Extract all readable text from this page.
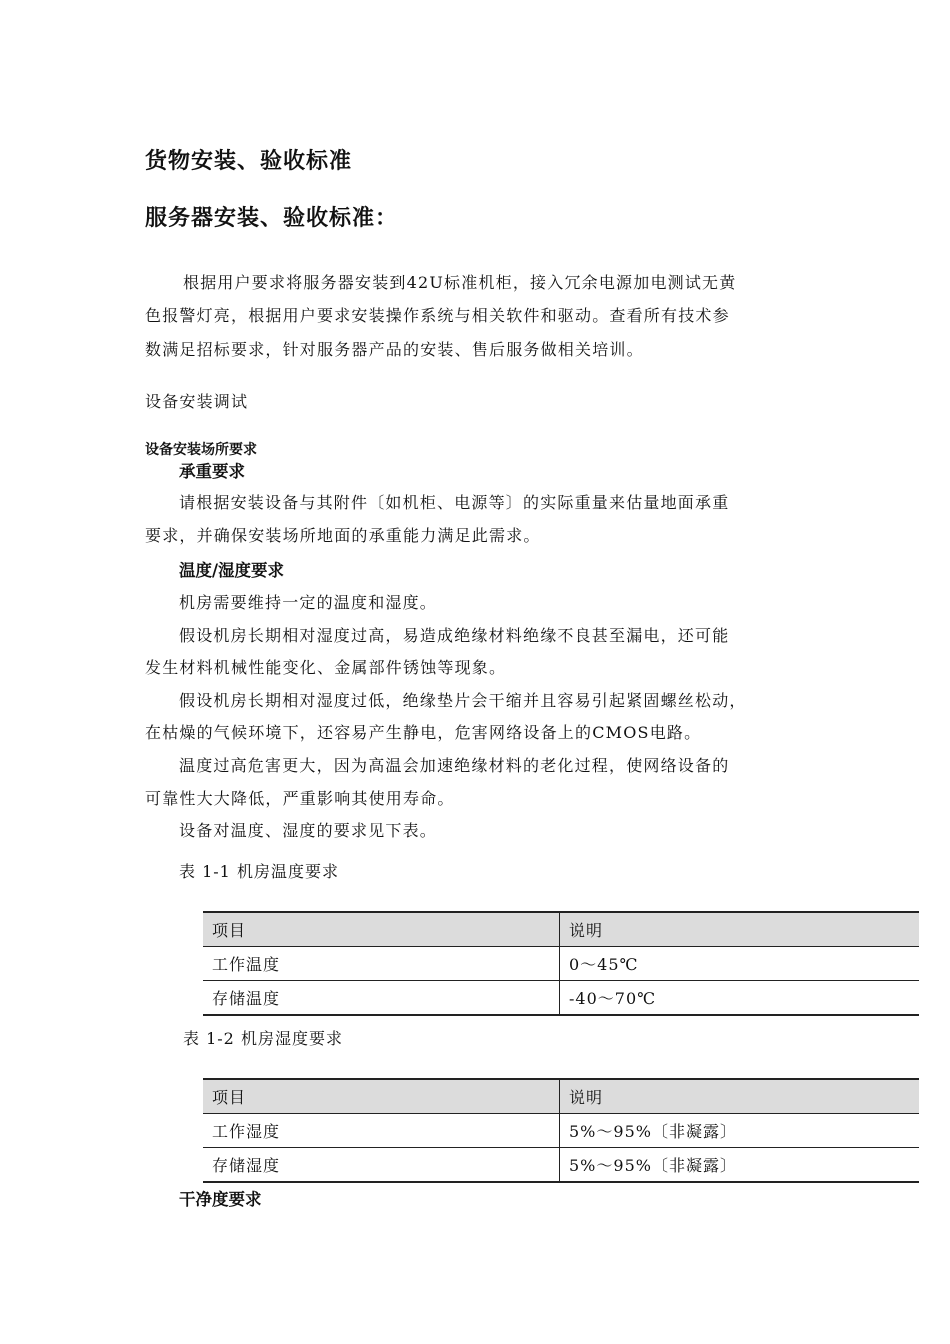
货物安装、验收标准
服务器安装、验收标准：
根据用户要求将服务器安装到42U标准机柜，接入冗余电源加电测试无黄
色报警灯亮，根据用户要求安装操作系统与相关软件和驱动。查看所有技术参
数满足招标要求，针对服务器产品的安装、售后服务做相关培训。
设备安装调试
设备安装场所要求
承重要求
请根据安装设备与其附件〔如机柜、电源等〕的实际重量来估量地面承重
要求，并确保安装场所地面的承重能力满足此需求。
温度/湿度要求
机房需要维持一定的温度和湿度。
假设机房长期相对湿度过高，易造成绝缘材料绝缘不良甚至漏电，还可能
发生材料机械性能变化、金属部件锈蚀等现象。
假设机房长期相对湿度过低，绝缘垫片会干缩并且容易引起紧固螺丝松动，
在枯燥的气候环境下，还容易产生静电，危害网络设备上的CMOS电路。
温度过高危害更大，因为高温会加速绝缘材料的老化过程，使网络设备的
可靠性大大降低，严重影响其使用寿命。
设备对温度、湿度的要求见下表。
表 1-1 机房温度要求
项目	说明
工作温度	0～45℃
存储温度	-40～70℃
表 1-2 机房湿度要求
项目	说明
工作湿度	5%～95%〔非凝露〕
存储湿度	5%～95%〔非凝露〕
干净度要求
